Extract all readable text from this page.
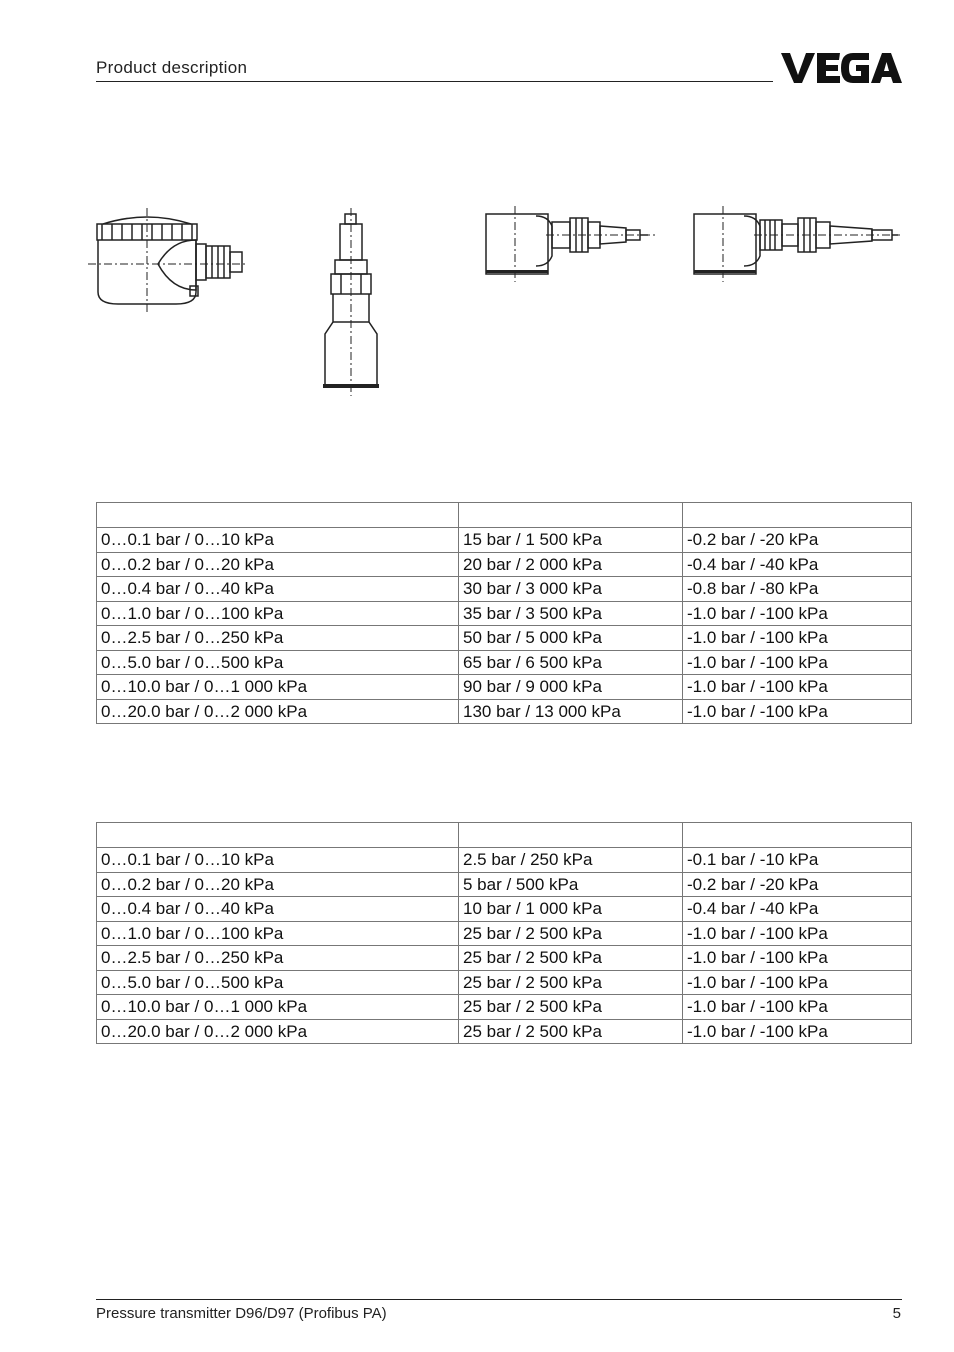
Product description

0…0.1 bar / 0…10 kPa	15 bar / 1 500 kPa	-0.2 bar / -20 kPa
0…0.2 bar / 0…20 kPa	20 bar / 2 000 kPa	-0.4 bar / -40 kPa
0…0.4 bar / 0…40 kPa	30 bar / 3 000 kPa	-0.8 bar / -80 kPa
0…1.0 bar / 0…100 kPa	35 bar / 3 500 kPa	-1.0 bar / -100 kPa
0…2.5 bar / 0…250 kPa	50 bar / 5 000 kPa	-1.0 bar / -100 kPa
0…5.0 bar / 0…500 kPa	65 bar / 6 500 kPa	-1.0 bar / -100 kPa
0…10.0 bar / 0…1 000 kPa	90 bar / 9 000 kPa	-1.0 bar / -100 kPa
0…20.0 bar / 0…2 000 kPa	130 bar / 13 000 kPa	-1.0 bar / -100 kPa

0…0.1 bar / 0…10 kPa	2.5 bar / 250 kPa	-0.1 bar / -10 kPa
0…0.2 bar / 0…20 kPa	5 bar / 500 kPa	-0.2 bar / -20 kPa
0…0.4 bar / 0…40 kPa	10 bar / 1 000 kPa	-0.4 bar / -40 kPa
0…1.0 bar / 0…100 kPa	25 bar / 2 500 kPa	-1.0 bar / -100 kPa
0…2.5 bar / 0…250 kPa	25 bar / 2 500 kPa	-1.0 bar / -100 kPa
0…5.0 bar / 0…500 kPa	25 bar / 2 500 kPa	-1.0 bar / -100 kPa
0…10.0 bar / 0…1 000 kPa	25 bar / 2 500 kPa	-1.0 bar / -100 kPa
0…20.0 bar / 0…2 000 kPa	25 bar / 2 500 kPa	-1.0 bar / -100 kPa
Pressure transmitter D96/D97 (Profibus PA)	5
